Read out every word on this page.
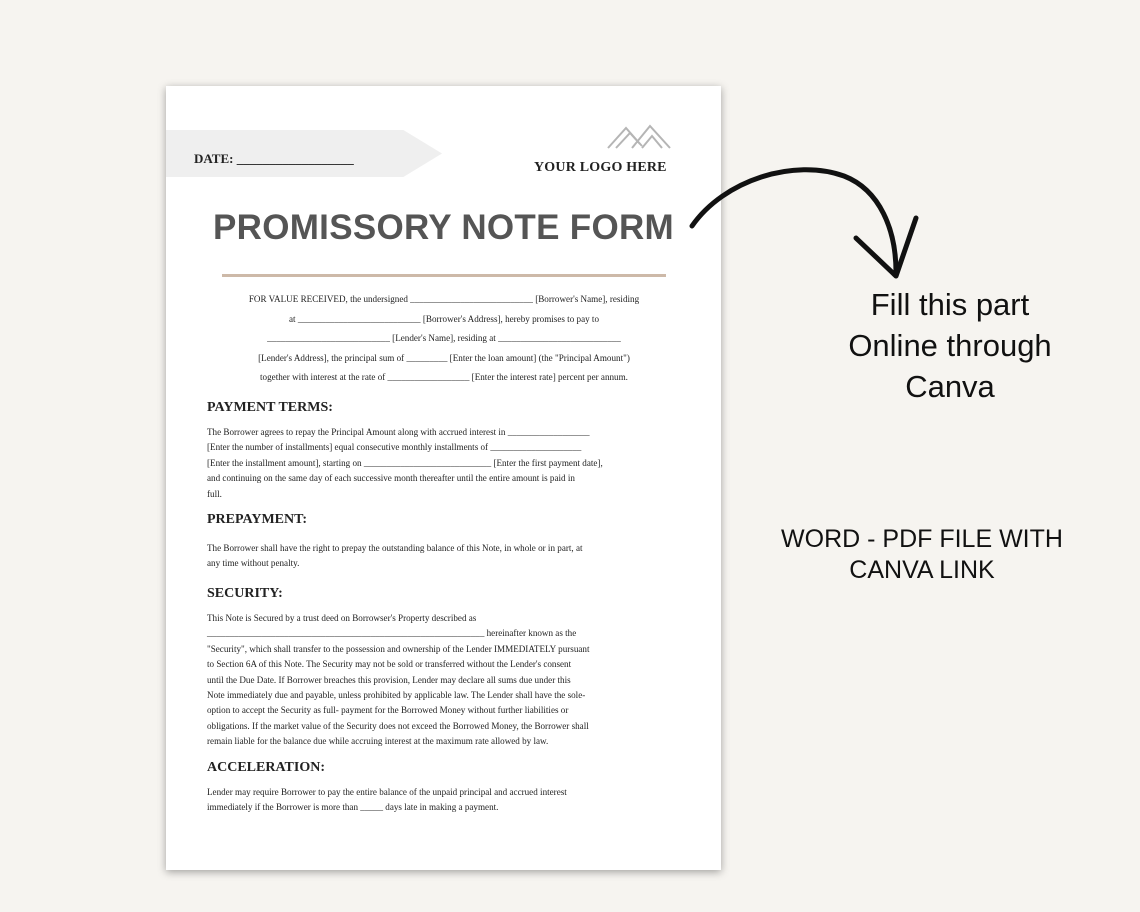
DATE: __________________
YOUR LOGO HERE
PROMISSORY NOTE FORM

FOR VALUE RECEIVED, the undersigned ___________________________ [Borrower's Name], residing

at ___________________________ [Borrower's Address], hereby promises to pay to

___________________________ [Lender's Name], residing at ___________________________

[Lender's Address], the principal sum of _________ [Enter the loan amount] (the "Principal Amount")

together with interest at the rate of __________________ [Enter the interest rate] percent per annum.

PAYMENT TERMS:

The Borrower agrees to repay the Principal Amount along with accrued interest in __________________

[Enter the number of installments] equal consecutive monthly installments of ____________________

[Enter the installment amount], starting on ____________________________ [Enter the first payment date],

and continuing on the same day of each successive month thereafter until the entire amount is paid in

full.

PREPAYMENT:

The Borrower shall have the right to prepay the outstanding balance of this Note, in whole or in part, at

any time without penalty.

SECURITY:

This Note is Secured by a trust deed on Borrowser's Property described as

_____________________________________________________________ hereinafter known as the

"Security", which shall transfer to the possession and ownership of the Lender IMMEDIATELY pursuant

to Section 6A of this Note. The Security may not be sold or transferred without the Lender's consent

until the Due Date. If Borrower breaches this provision, Lender may declare all sums due under this

Note immediately due and payable, unless prohibited by applicable law. The Lender shall have the sole-

option to accept the Security as full- payment for the Borrowed Money without further liabilities or

obligations. If the market value of the Security does not exceed the Borrowed Money, the Borrower shall

remain liable for the balance due while accruing interest at the maximum rate allowed by law.

ACCELERATION:

Lender may require Borrower to pay the entire balance of the unpaid principal and accrued interest

immediately if the Borrower is more than _____ days late in making a payment.

Fill this part
Online through
Canva
WORD - PDF FILE WITH
CANVA LINK
